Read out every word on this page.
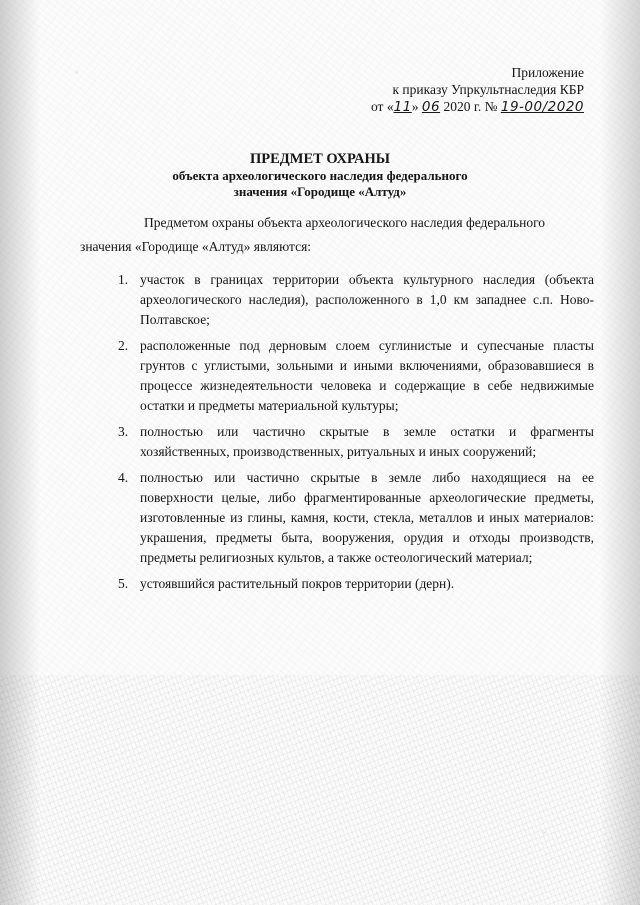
Приложение
к приказу Упркультнаследия КБР
от «11» 06 2020 г. № 19-00/2020
ПРЕДМЕТ ОХРАНЫ
объекта археологического наследия федерального
значения «Городище «Алтуд»
Предметом охраны объекта археологического наследия федерального
значения «Городище «Алтуд» являются:
1. участок в границах территории объекта культурного наследия (объекта археологического наследия), расположенного в 1,0 км западнее с.п. Ново-Полтавское;
2. расположенные под дерновым слоем суглинистые и супесчаные пласты грунтов с углистыми, зольными и иными включениями, образовавшиеся в процессе жизнедеятельности человека и содержащие в себе недвижимые остатки и предметы материальной культуры;
3. полностью или частично скрытые в земле остатки и фрагменты хозяйственных, производственных, ритуальных и иных сооружений;
4. полностью или частично скрытые в земле либо находящиеся на ее поверхности целые, либо фрагментированные археологические предметы, изготовленные из глины, камня, кости, стекла, металлов и иных материалов: украшения, предметы быта, вооружения, орудия и отходы производств, предметы религиозных культов, а также остеологический материал;
5. устоявшийся растительный покров территории (дерн).
